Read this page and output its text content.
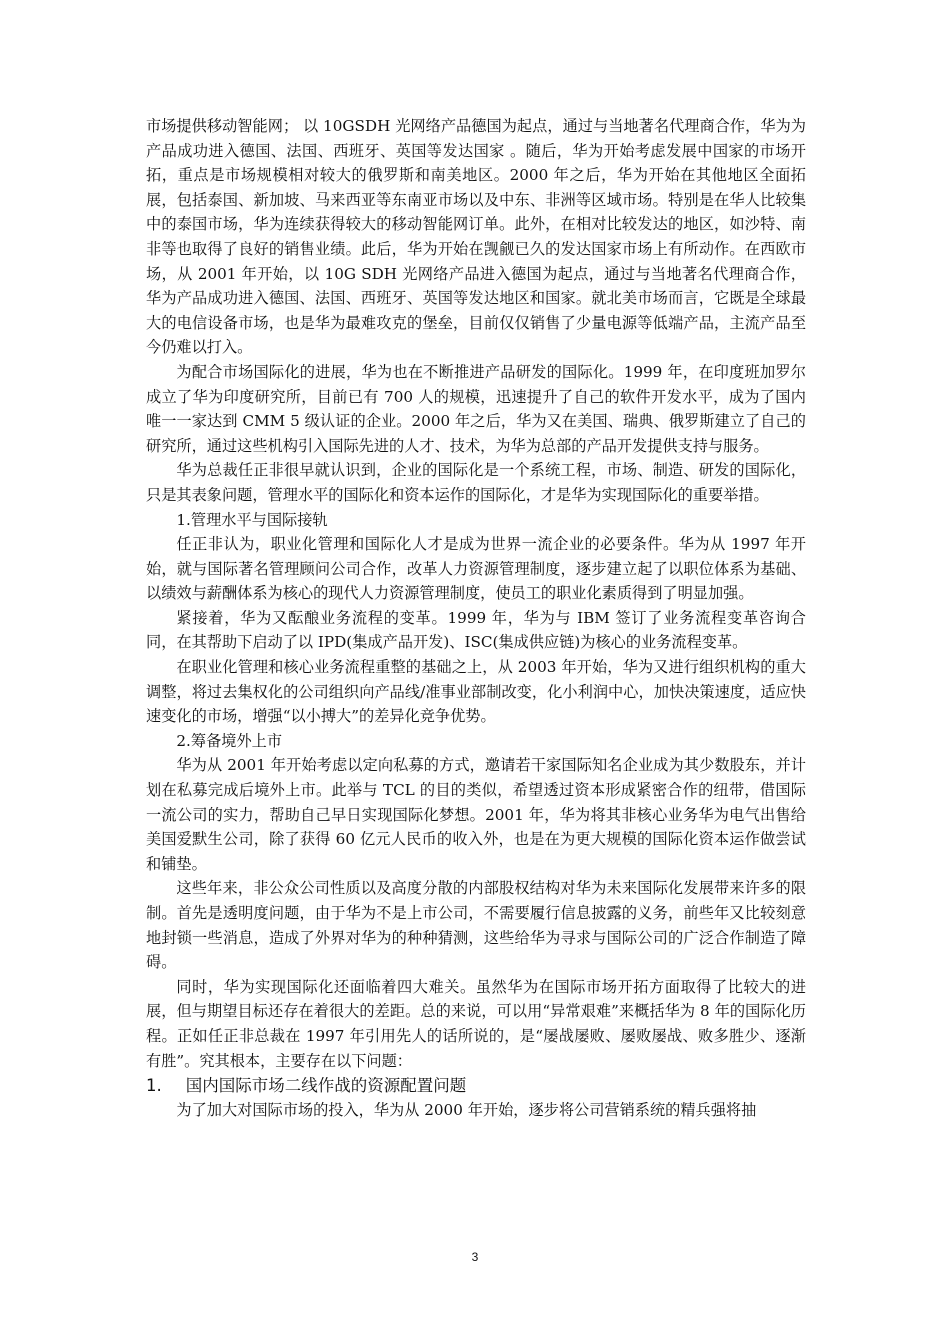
市场提供移动智能网； 以 10GSDH 光网络产品德国为起点，通过与当地著名代理商合作，华为为产品成功进入德国、法国、西班牙、英国等发达国家 。随后，华为开始考虑发展中国家的市场开拓，重点是市场规模相对较大的俄罗斯和南美地区。2000 年之后，华为开始在其他地区全面拓展，包括泰国、新加坡、马来西亚等东南亚市场以及中东、非洲等区域市场。特别是在华人比较集中的泰国市场，华为连续获得较大的移动智能网订单。此外，在相对比较发达的地区，如沙特、南非等也取得了良好的销售业绩。此后，华为开始在觊觎已久的发达国家市场上有所动作。在西欧市场，从 2001 年开始，以 10G SDH 光网络产品进入德国为起点，通过与当地著名代理商合作，华为产品成功进入德国、法国、西班牙、英国等发达地区和国家。就北美市场而言，它既是全球最大的电信设备市场，也是华为最难攻克的堡垒，目前仅仅销售了少量电源等低端产品，主流产品至今仍难以打入。

为配合市场国际化的进展，华为也在不断推进产品研发的国际化。1999 年，在印度班加罗尔成立了华为印度研究所，目前已有 700 人的规模，迅速提升了自己的软件开发水平，成为了国内唯一一家达到 CMM 5 级认证的企业。2000 年之后，华为又在美国、瑞典、俄罗斯建立了自己的研究所，通过这些机构引入国际先进的人才、技术，为华为总部的产品开发提供支持与服务。

华为总裁任正非很早就认识到，企业的国际化是一个系统工程，市场、制造、研发的国际化，只是其表象问题，管理水平的国际化和资本运作的国际化，才是华为实现国际化的重要举措。

1.管理水平与国际接轨

任正非认为，职业化管理和国际化人才是成为世界一流企业的必要条件。华为从 1997 年开始，就与国际著名管理顾问公司合作，改革人力资源管理制度，逐步建立起了以职位体系为基础、以绩效与薪酬体系为核心的现代人力资源管理制度，使员工的职业化素质得到了明显加强。

紧接着，华为又酝酿业务流程的变革。1999 年，华为与 IBM 签订了业务流程变革咨询合同，在其帮助下启动了以 IPD(集成产品开发)、ISC(集成供应链)为核心的业务流程变革。

在职业化管理和核心业务流程重整的基础之上，从 2003 年开始，华为又进行组织机构的重大调整，将过去集权化的公司组织向产品线/准事业部制改变，化小利润中心，加快决策速度，适应快速变化的市场，增强“以小搏大”的差异化竞争优势。

2.筹备境外上市

华为从 2001 年开始考虑以定向私募的方式，邀请若干家国际知名企业成为其少数股东，并计划在私募完成后境外上市。此举与 TCL 的目的类似，希望透过资本形成紧密合作的纽带，借国际一流公司的实力，帮助自己早日实现国际化梦想。2001 年，华为将其非核心业务华为电气出售给美国爱默生公司，除了获得 60 亿元人民币的收入外，也是在为更大规模的国际化资本运作做尝试和铺垫。

这些年来，非公众公司性质以及高度分散的内部股权结构对华为未来国际化发展带来许多的限制。首先是透明度问题，由于华为不是上市公司，不需要履行信息披露的义务，前些年又比较刻意地封锁一些消息，造成了外界对华为的种种猜测，这些给华为寻求与国际公司的广泛合作制造了障碍。

同时，华为实现国际化还面临着四大难关。虽然华为在国际市场开拓方面取得了比较大的进展，但与期望目标还存在着很大的差距。总的来说，可以用“异常艰难”来概括华为 8 年的国际化历程。正如任正非总裁在 1997 年引用先人的话所说的，是“屡战屡败、屡败屡战、败多胜少、逐渐有胜”。究其根本，主要存在以下问题：

1. 国内国际市场二线作战的资源配置问题

为了加大对国际市场的投入，华为从 2000 年开始，逐步将公司营销系统的精兵强将抽

3
